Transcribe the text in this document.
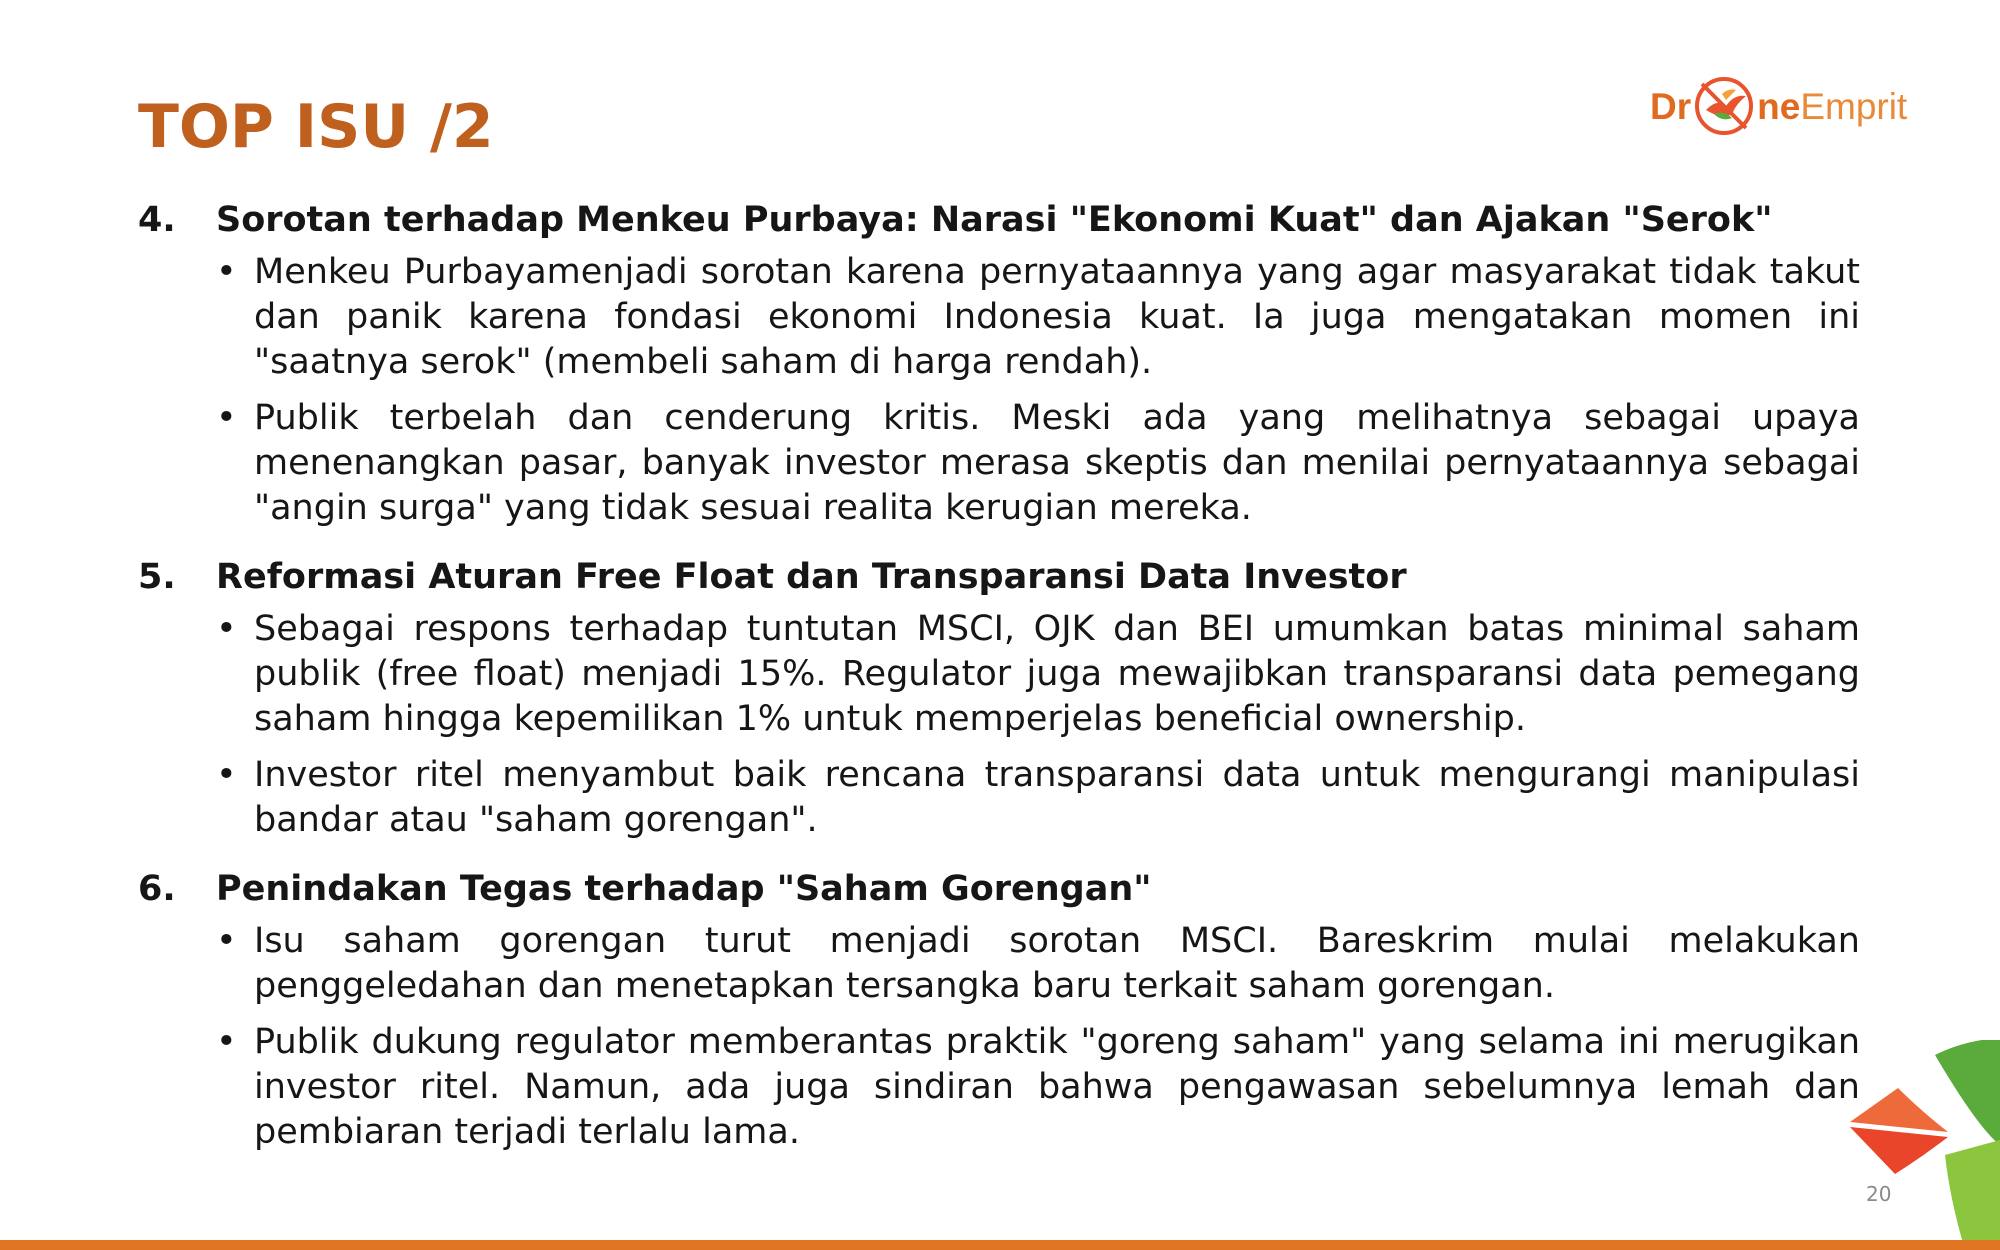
TOP ISU /2	Dr ne Emprit
4.	Sorotan terhadap Menkeu Purbaya: Narasi "Ekonomi Kuat" dan Ajakan "Serok"
• Menkeu Purbayamenjadi sorotan karena pernyataannya yang agar masyarakat tidak takut dan panik karena fondasi ekonomi Indonesia kuat. Ia juga mengatakan momen ini "saatnya serok" (membeli saham di harga rendah).
• Publik terbelah dan cenderung kritis. Meski ada yang melihatnya sebagai upaya menenangkan pasar, banyak investor merasa skeptis dan menilai pernyataannya sebagai "angin surga" yang tidak sesuai realita kerugian mereka.
5.	Reformasi Aturan Free Float dan Transparansi Data Investor
• Sebagai respons terhadap tuntutan MSCI, OJK dan BEI umumkan batas minimal saham publik (free float) menjadi 15%. Regulator juga mewajibkan transparansi data pemegang saham hingga kepemilikan 1% untuk memperjelas beneficial ownership.
• Investor ritel menyambut baik rencana transparansi data untuk mengurangi manipulasi bandar atau "saham gorengan".
6.	Penindakan Tegas terhadap "Saham Gorengan"
• Isu saham gorengan turut menjadi sorotan MSCI. Bareskrim mulai melakukan penggeledahan dan menetapkan tersangka baru terkait saham gorengan.
• Publik dukung regulator memberantas praktik "goreng saham" yang selama ini merugikan investor ritel. Namun, ada juga sindiran bahwa pengawasan sebelumnya lemah dan pembiaran terjadi terlalu lama.
20
